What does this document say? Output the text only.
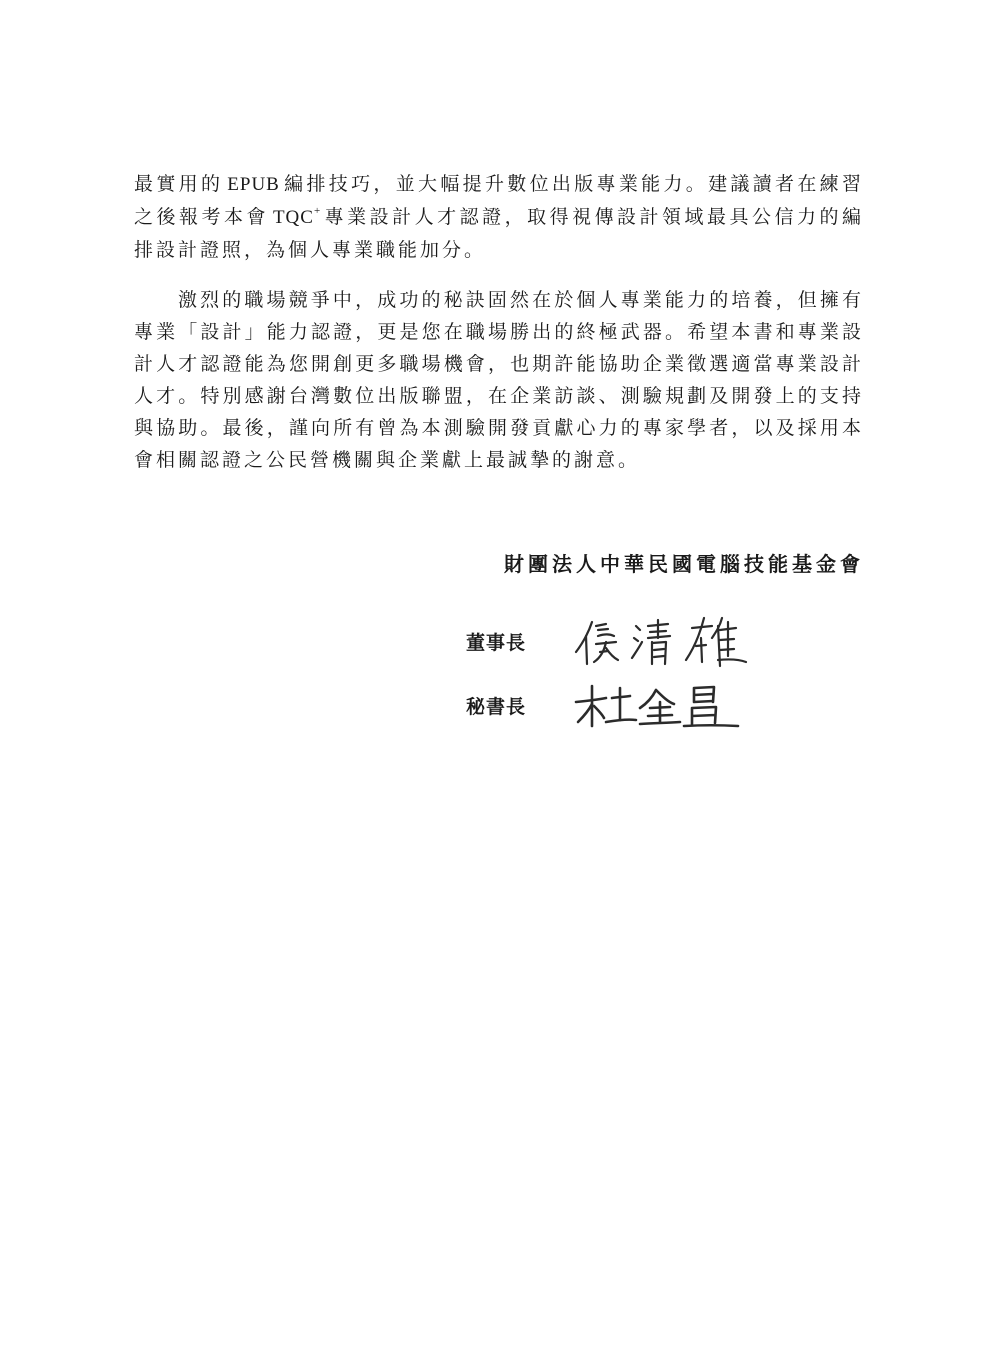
最實用的 EPUB 編排技巧，並大幅提升數位出版專業能力。建議讀者在練習之後報考本會 TQC+ 專業設計人才認證，取得視傳設計領域最具公信力的編排設計證照，為個人專業職能加分。

激烈的職場競爭中，成功的秘訣固然在於個人專業能力的培養，但擁有專業「設計」能力認證，更是您在職場勝出的終極武器。希望本書和專業設計人才認證能為您開創更多職場機會，也期許能協助企業徵選適當專業設計人才。特別感謝台灣數位出版聯盟，在企業訪談、測驗規劃及開發上的支持與協助。最後，謹向所有曾為本測驗開發貢獻心力的專家學者，以及採用本會相關認證之公民營機關與企業獻上最誠摯的謝意。

財團法人中華民國電腦技能基金會
董事長
秘書長
